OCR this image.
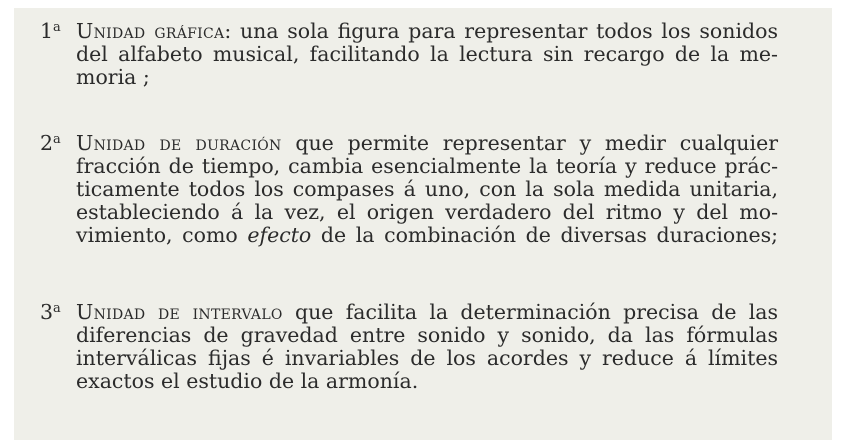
1$^a$ Unidad gráfica: una sola figura para representar todos los sonidos
del alfabeto musical, facilitando la lectura sin recargo de la me-
moria ;
2$^a$ Unidad de duración que permite representar y medir cualquier
fracción de tiempo, cambia esencialmente la teoría y reduce prác-
ticamente todos los compases á uno, con la sola medida unitaria,
estableciendo á la vez, el origen verdadero del ritmo y del mo-
vimiento, como efecto de la combinación de diversas duraciones;
3$^a$ Unidad de intervalo que facilita la determinación precisa de las
diferencias de gravedad entre sonido y sonido, da las fórmulas
interválicas fijas é invariables de los acordes y reduce á límites
exactos el estudio de la armonía.
